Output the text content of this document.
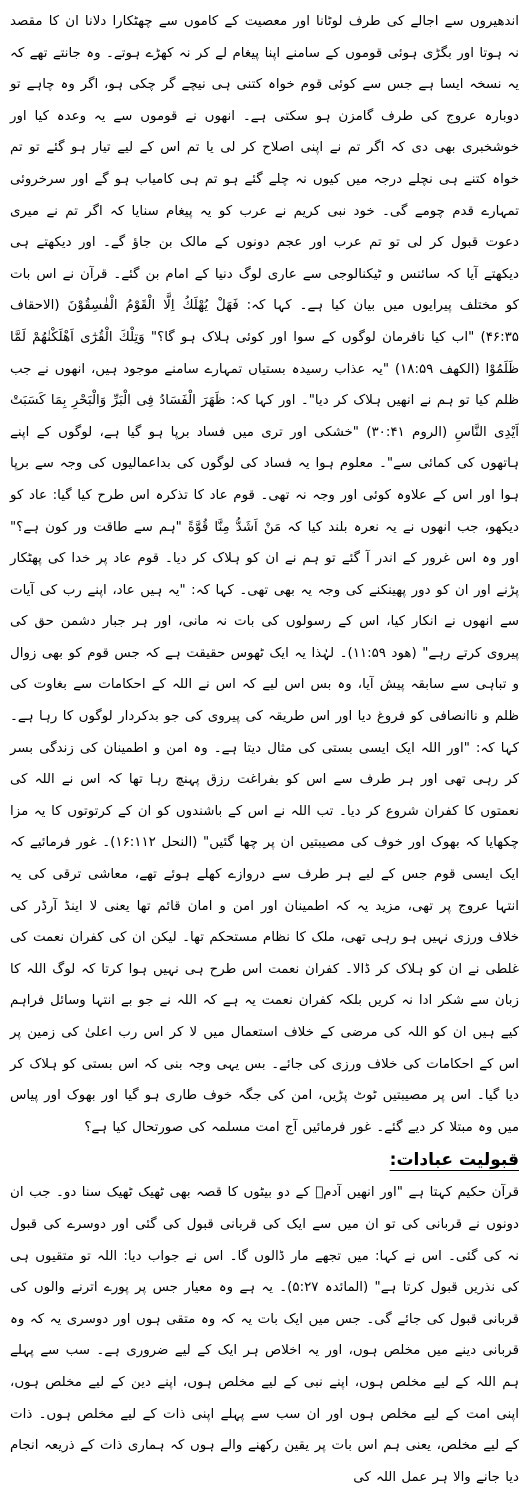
اندھیروں سے اجالے کی طرف لوٹانا اور معصیت کے کاموں سے چھٹکارا دلانا ان کا مقصد نہ ہوتا اور بگڑی ہوئی قوموں کے سامنے اپنا پیغام لے کر نہ کھڑے ہوتے۔ وہ جانتے تھے کہ یہ نسخہ ایسا ہے جس سے کوئی قوم خواہ کتنی ہی نیچے گر چکی ہو، اگر وہ چاہے تو دوبارہ عروج کی طرف گامزن ہو سکتی ہے۔ انھوں نے قوموں سے یہ وعدہ کیا اور خوشخبری بھی دی کہ اگر تم نے اپنی اصلاح کر لی یا تم اس کے لیے تیار ہو گئے تو تم خواہ کتنے ہی نچلے درجہ میں کیوں نہ چلے گئے ہو تم ہی کامیاب ہو گے اور سرخروئی تمہارے قدم چومے گی۔ خود نبی کریم نے عرب کو یہ پیغام سنایا کہ اگر تم نے میری دعوت قبول کر لی تو تم عرب اور عجم دونوں کے مالک بن جاؤ گے۔ اور دیکھتے ہی دیکھتے آیا کہ سائنس و ٹیکنالوجی سے عاری لوگ دنیا کے امام بن گئے۔ قرآن نے اس بات کو مختلف پیرایوں میں بیان کیا ہے۔ کہا کہ: فَهَلْ يُهْلَكُ اِلَّا الْقَوْمُ الْفٰسِقُوْنَ (الاحقاف ۴۶:۳۵) "اب کیا نافرمان لوگوں کے سوا اور کوئی ہلاک ہو گا؟" وَتِلْكَ الْقُرٰٓى اَهْلَكْنٰهُمْ لَمَّا ظَلَمُوْا (الکھف ۱۸:۵۹) "یہ عذاب رسیدہ بستیاں تمہارے سامنے موجود ہیں، انھوں نے جب ظلم کیا تو ہم نے انھیں ہلاک کر دیا"۔ اور کہا کہ: ظَهَرَ الْفَسَادُ فِی الْبَرِّ وَالْبَحْرِ بِمَا كَسَبَتْ اَيْدِی النَّاسِ (الروم ۳۰:۴۱) "خشکی اور تری میں فساد برپا ہو گیا ہے، لوگوں کے اپنے ہاتھوں کی کمائی سے"۔ معلوم ہوا یہ فساد کی لوگوں کی بداعمالیوں کی وجہ سے برپا ہوا اور اس کے علاوہ کوئی اور وجہ نہ تھی۔ قوم عاد کا تذکرہ اس طرح کیا گیا: عاد کو دیکھو، جب انھوں نے یہ نعرہ بلند کیا کہ مَنْ اَشَدُّ مِنَّا قُوَّةً "ہم سے طاقت ور کون ہے؟" اور وہ اس غرور کے اندر آ گئے تو ہم نے ان کو ہلاک کر دیا۔ قوم عاد پر خدا کی پھٹکار پڑنے اور ان کو دور پھینکنے کی وجہ یہ بھی تھی۔ کہا کہ: "یہ ہیں عاد، اپنے رب کی آیات سے انھوں نے انکار کیا، اس کے رسولوں کی بات نہ مانی، اور ہر جبار دشمن حق کی پیروی کرتے رہے" (ھود ۱۱:۵۹)۔ لہٰذا یہ ایک ٹھوس حقیقت ہے کہ جس قوم کو بھی زوال و تباہی سے سابقہ پیش آیا، وہ بس اس لیے کہ اس نے اللہ کے احکامات سے بغاوت کی ظلم و ناانصافی کو فروغ دیا اور اس طریقہ کی پیروی کی جو بدکردار لوگوں کا رہا ہے۔ کہا کہ: "اور اللہ ایک ایسی بستی کی مثال دیتا ہے۔ وہ امن و اطمینان کی زندگی بسر کر رہی تھی اور ہر طرف سے اس کو بفراغت رزق پہنچ رہا تھا کہ اس نے اللہ کی نعمتوں کا کفران شروع کر دیا۔ تب اللہ نے اس کے باشندوں کو ان کے کرتوتوں کا یہ مزا چکھایا کہ بھوک اور خوف کی مصیبتیں ان پر چھا گئیں" (النحل ۱۶:۱۱۲)۔ غور فرمائیے کہ ایک ایسی قوم جس کے لیے ہر طرف سے دروازے کھلے ہوئے تھے، معاشی ترقی کی یہ انتہا عروج پر تھی، مزید یہ کہ اطمینان اور امن و امان قائم تھا یعنی لا اینڈ آرڈر کی خلاف ورزی نہیں ہو رہی تھی، ملک کا نظام مستحکم تھا۔ لیکن ان کی کفران نعمت کی غلطی نے ان کو ہلاک کر ڈالا۔ کفران نعمت اس طرح ہی نہیں ہوا کرتا کہ لوگ اللہ کا زبان سے شکر ادا نہ کریں بلکہ کفران نعمت یہ ہے کہ اللہ نے جو بے انتہا وسائل فراہم کیے ہیں ان کو اللہ کی مرضی کے خلاف استعمال میں لا کر اس رب اعلیٰ کی زمین پر اس کے احکامات کی خلاف ورزی کی جائے۔ بس یہی وجہ بنی کہ اس بستی کو ہلاک کر دیا گیا۔ اس پر مصیبتیں ٹوٹ پڑیں، امن کی جگہ خوف طاری ہو گیا اور بھوک اور پیاس میں وہ مبتلا کر دیے گئے۔ غور فرمائیں آج امت مسلمہ کی صورتحال کیا ہے؟

قبولیت عبادات:

قرآن حکیم کہتا ہے "اور انھیں آدمؑ کے دو بیٹوں کا قصہ بھی ٹھیک ٹھیک سنا دو۔ جب ان دونوں نے قربانی کی تو ان میں سے ایک کی قربانی قبول کی گئی اور دوسرے کی قبول نہ کی گئی۔ اس نے کہا: میں تجھے مار ڈالوں گا۔ اس نے جواب دیا: اللہ تو متقیوں ہی کی نذریں قبول کرتا ہے" (المائدہ ۵:۲۷)۔ یہ ہے وہ معیار جس پر پورے اترنے والوں کی قربانی قبول کی جائے گی۔ جس میں ایک بات یہ کہ وہ متقی ہوں اور دوسری یہ کہ وہ قربانی دینے میں مخلص ہوں، اور یہ اخلاص ہر ایک کے لیے ضروری ہے۔ سب سے پہلے ہم اللہ کے لیے مخلص ہوں، اپنے نبی کے لیے مخلص ہوں، اپنے دین کے لیے مخلص ہوں، اپنی امت کے لیے مخلص ہوں اور ان سب سے پہلے اپنی ذات کے لیے مخلص ہوں۔ ذات کے لیے مخلص، یعنی ہم اس بات پر یقین رکھنے والے ہوں کہ ہماری ذات کے ذریعہ انجام دیا جانے والا ہر عمل اللہ کی
